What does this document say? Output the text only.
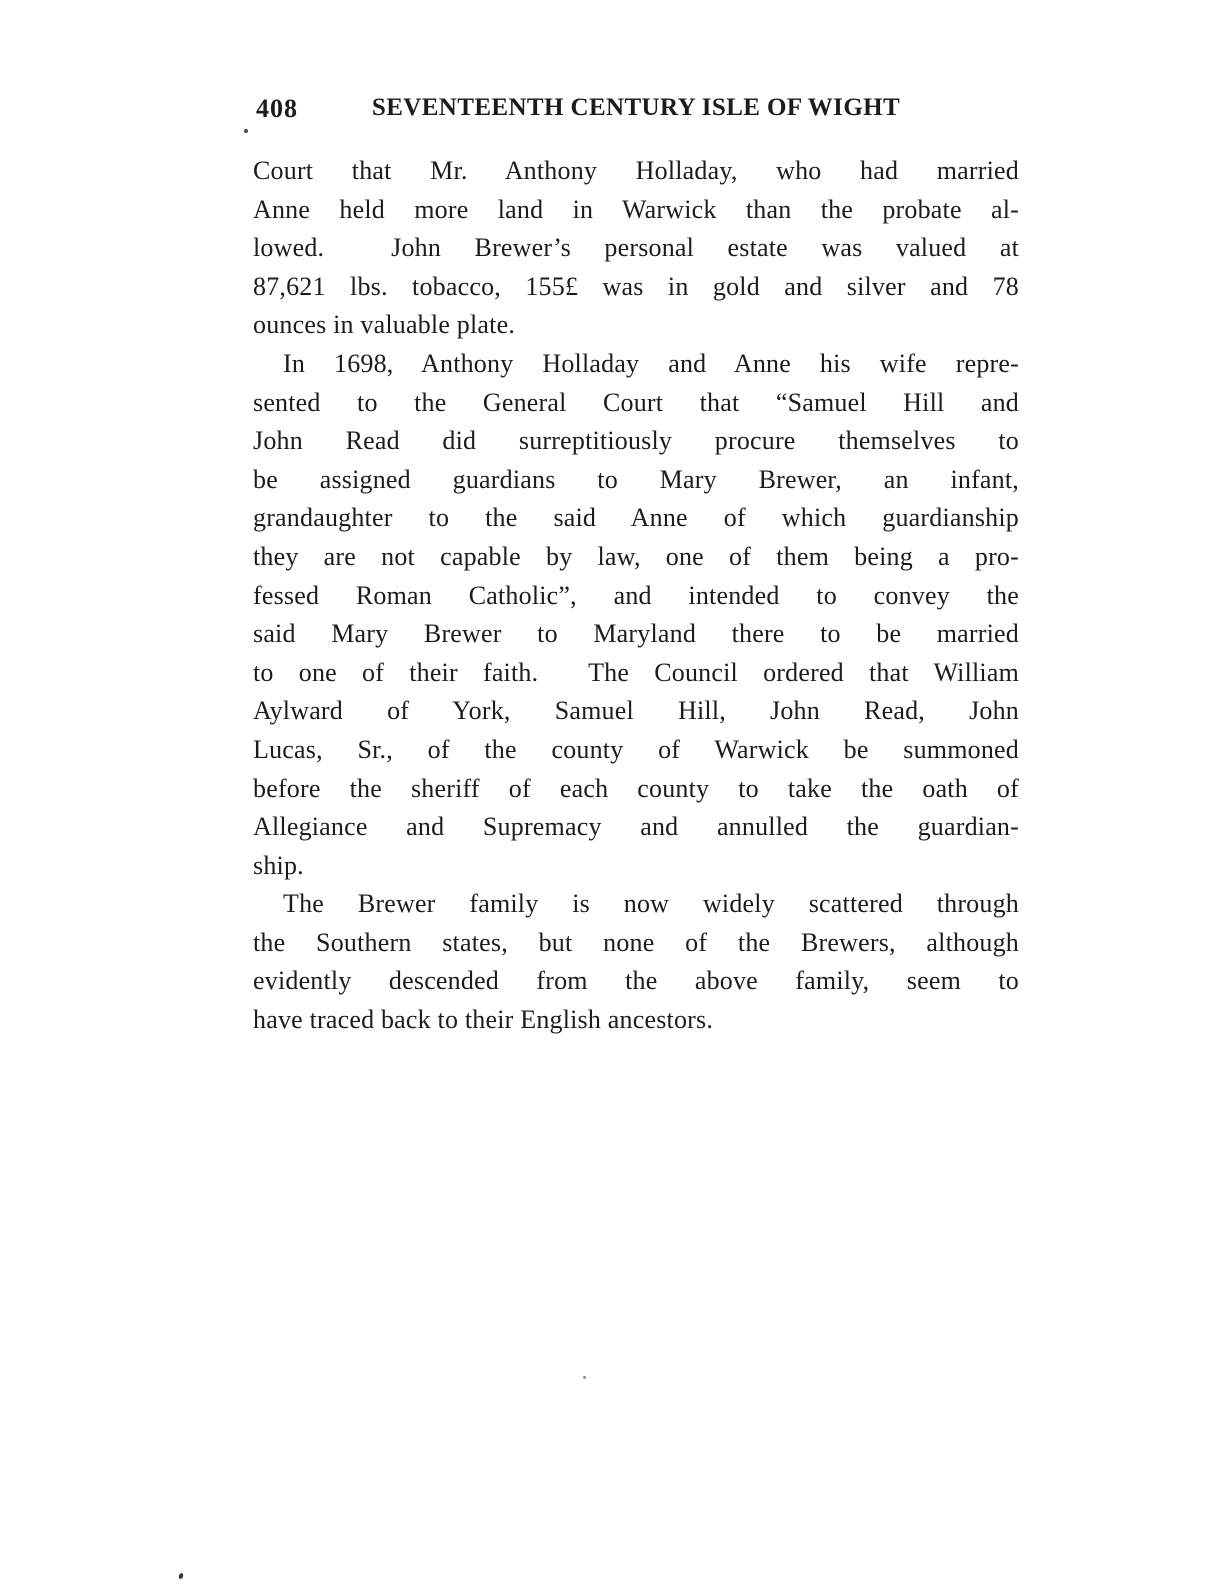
408	SEVENTEENTH CENTURY ISLE OF WIGHT
Court that Mr. Anthony Holladay, who had married
Anne held more land in Warwick than the probate al-
lowed.  John Brewer’s personal estate was valued at
87,621 lbs. tobacco, 155£ was in gold and silver and 78
ounces in valuable plate.
In 1698, Anthony Holladay and Anne his wife repre-
sented to the General Court that “Samuel Hill and
John Read did surreptitiously procure themselves to
be assigned guardians to Mary Brewer, an infant,
grandaughter to the said Anne of which guardianship
they are not capable by law, one of them being a pro-
fessed Roman Catholic”, and intended to convey the
said Mary Brewer to Maryland there to be married
to one of their faith.  The Council ordered that William
Aylward of York, Samuel Hill, John Read, John
Lucas, Sr., of the county of Warwick be summoned
before the sheriff of each county to take the oath of
Allegiance and Supremacy and annulled the guardian-
ship.
The Brewer family is now widely scattered through
the Southern states, but none of the Brewers, although
evidently descended from the above family, seem to
have traced back to their English ancestors.
